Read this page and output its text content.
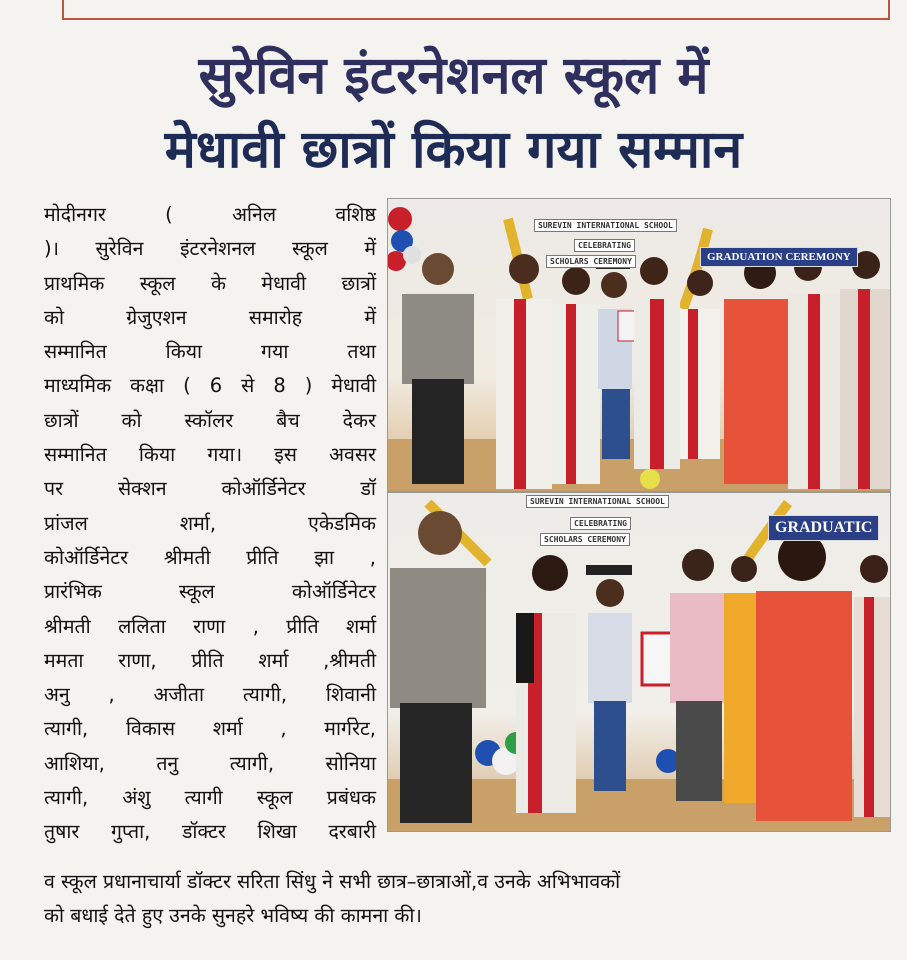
सुरेविन इंटरनेशनल स्कूल में
मेधावी छात्रों किया गया सम्मान
मोदीनगर ( अनिल वशिष्ठ
)। सुरेविन इंटरनेशनल स्कूल में
प्राथमिक स्कूल के मेधावी छात्रों
को ग्रेजुएशन समारोह में
सम्मानित किया गया तथा
माध्यमिक कक्षा ( 6 से 8 ) मेधावी
छात्रों को स्कॉलर बैच देकर
सम्मानित किया गया। इस अवसर
पर सेक्शन कोऑर्डिनेटर डॉ
प्रांजल शर्मा, एकेडमिक
कोऑर्डिनेटर श्रीमती प्रीति झा ,
प्रारंभिक स्कूल कोऑर्डिनेटर
श्रीमती ललिता राणा , प्रीति शर्मा
ममता राणा, प्रीति शर्मा ,श्रीमती
अनु , अजीता त्यागी, शिवानी
त्यागी, विकास शर्मा , मार्गरेट,
आशिया, तनु त्यागी, सोनिया
त्यागी, अंशु त्यागी स्कूल प्रबंधक
तुषार गुप्ता, डॉक्टर शिखा दरबारी
व स्कूल प्रधानाचार्या डॉक्टर सरिता सिंधु ने सभी छात्र–छात्राओं,व उनके अभिभावकों
को बधाई देते हुए उनके सुनहरे भविष्य की कामना की।
SUREVIN INTERNATIONAL SCHOOL
CELEBRATING
SCHOLARS CEREMONY	GRADUATION CEREMONY
SUREVIN INTERNATIONAL SCHOOL
CELEBRATING
SCHOLARS CEREMONY
GRADUATIC
